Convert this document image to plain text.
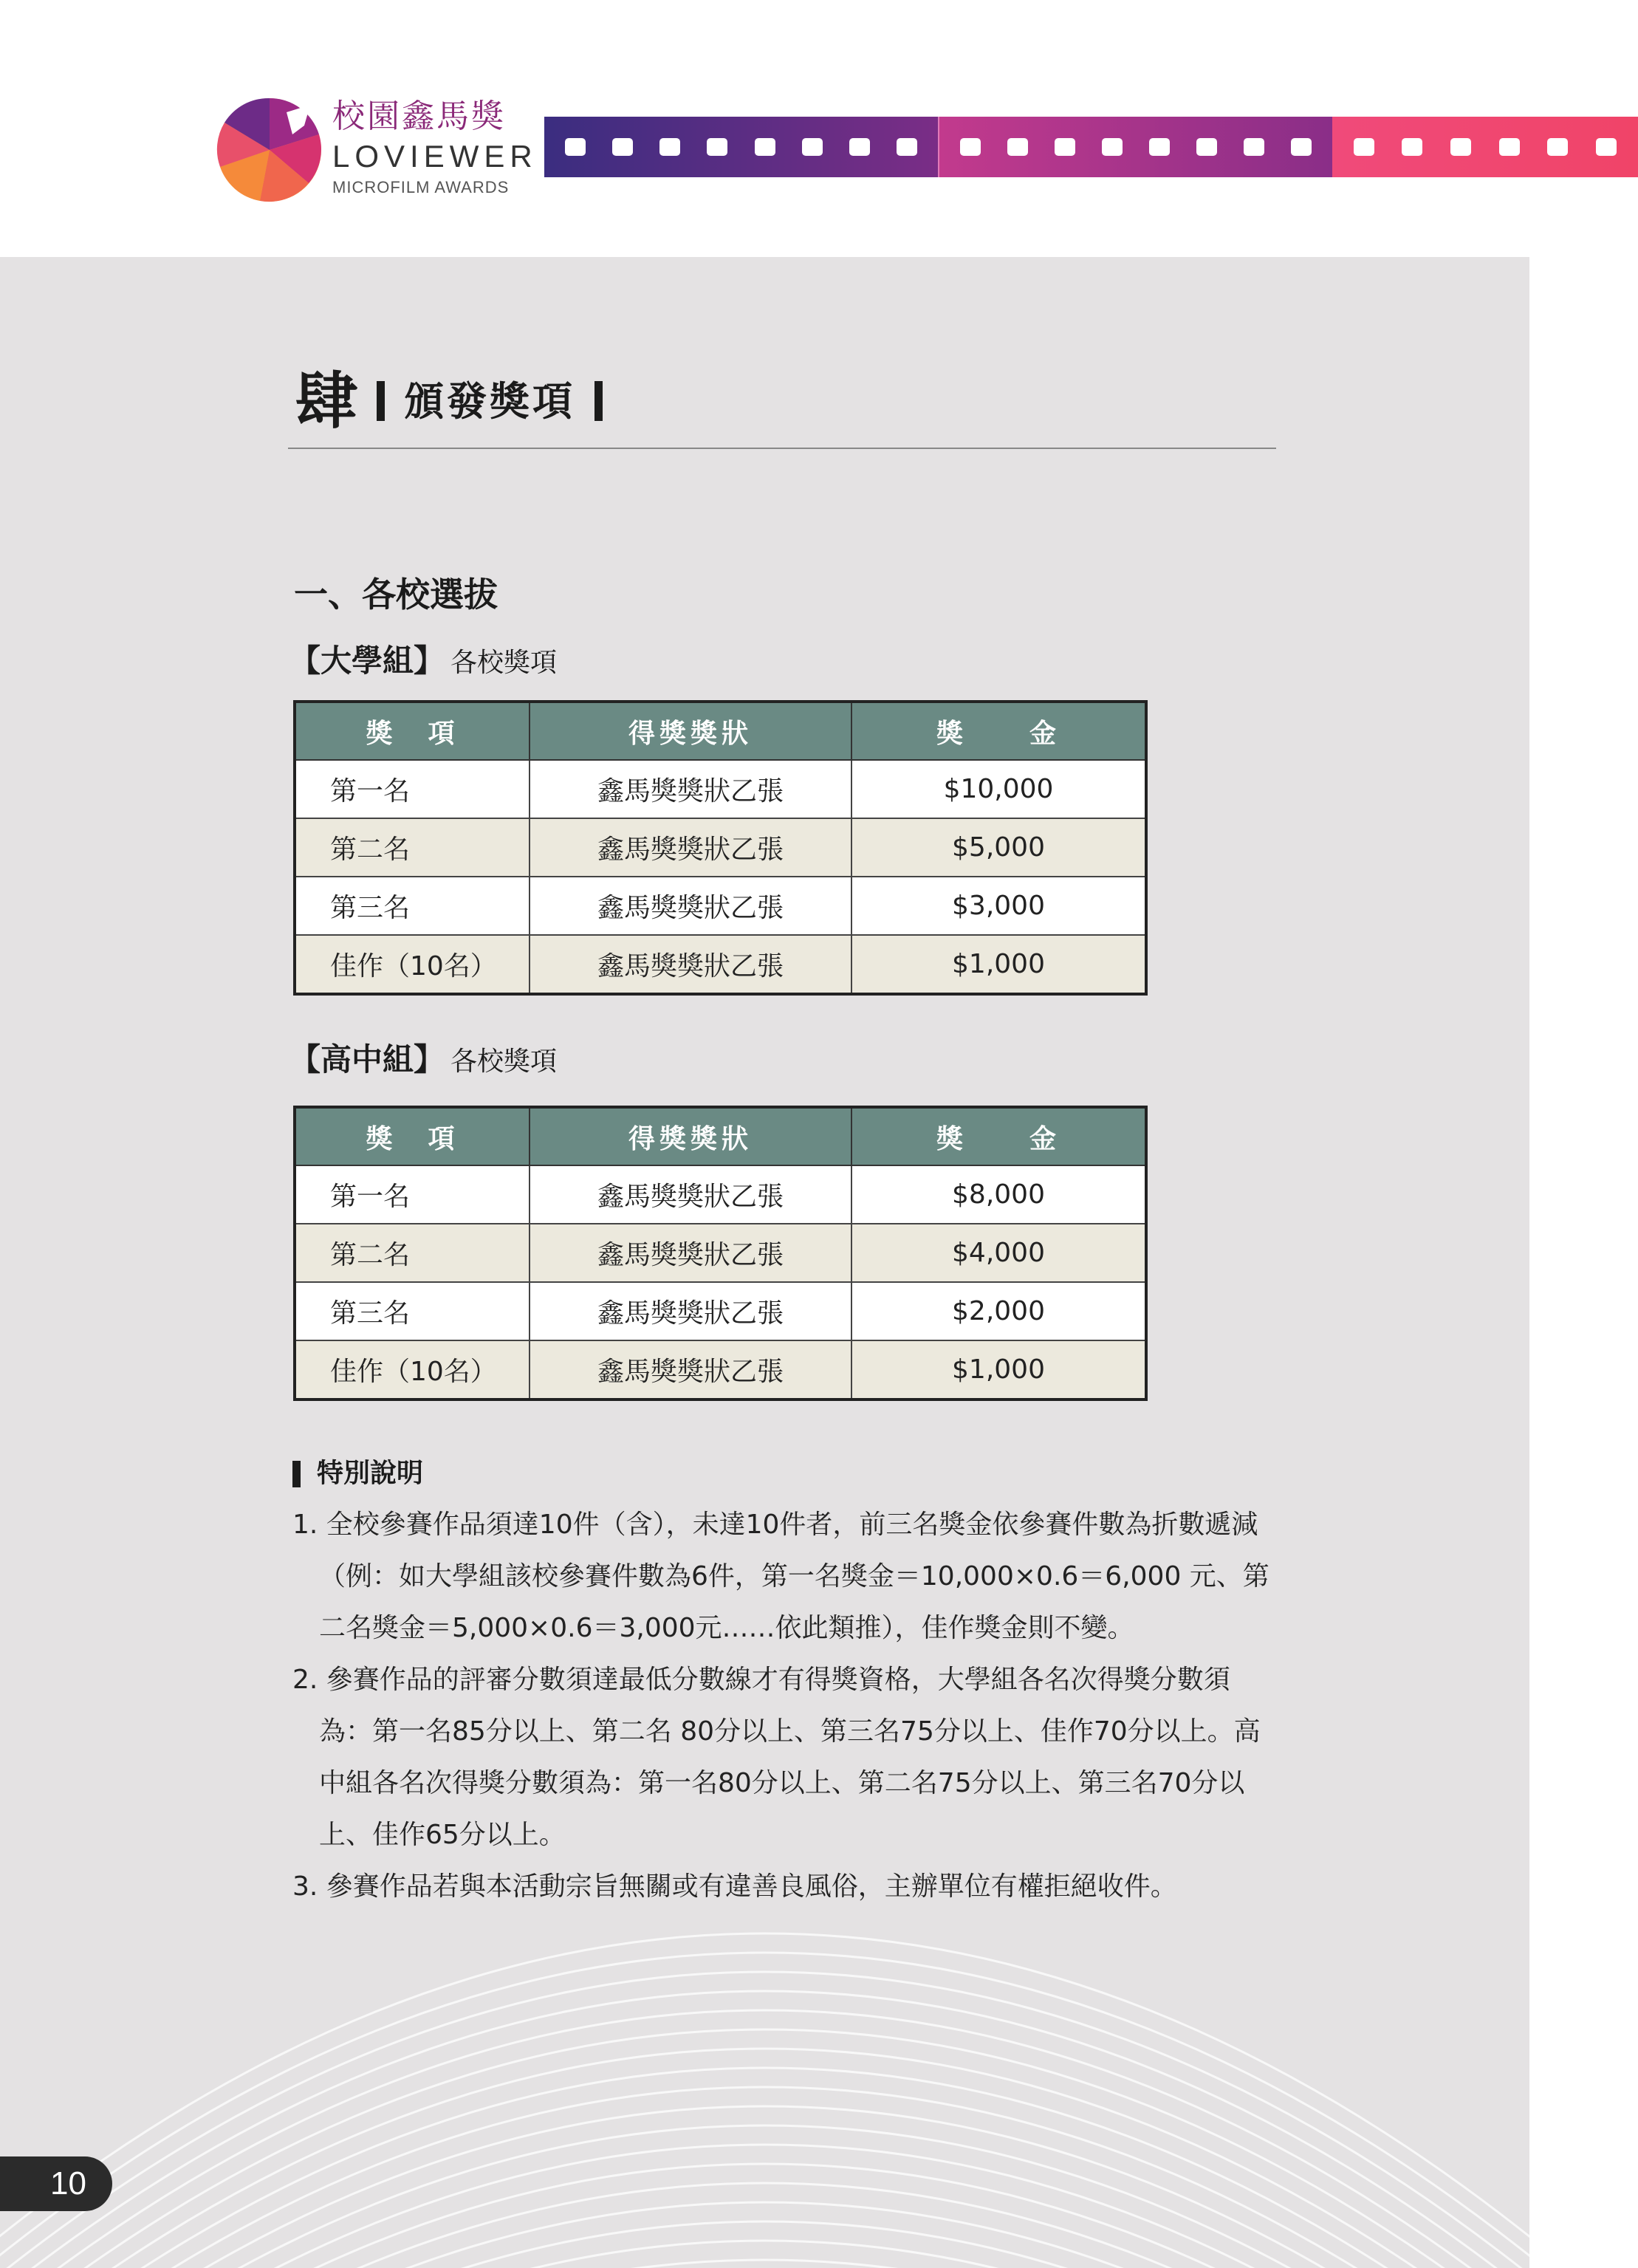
校園鑫馬獎
LOVIEWER
MICROFILM AWARDS
肆 頒發獎項
一、各校選拔
【大學組】 各校獎項
獎　項	得獎獎狀	獎　　金
第一名	鑫馬獎獎狀乙張	$10,000
第二名	鑫馬獎獎狀乙張	$5,000
第三名	鑫馬獎獎狀乙張	$3,000
佳作（10名）	鑫馬獎獎狀乙張	$1,000
【高中組】 各校獎項
獎　項	得獎獎狀	獎　　金
第一名	鑫馬獎獎狀乙張	$8,000
第二名	鑫馬獎獎狀乙張	$4,000
第三名	鑫馬獎獎狀乙張	$2,000
佳作（10名）	鑫馬獎獎狀乙張	$1,000
特別說明
1. 全校參賽作品須達10件（含），未達10件者，前三名獎金依參賽件數為折數遞減（例：如大學組該校參賽件數為6件，第一名獎金＝10,000×0.6＝6,000 元、第二名獎金＝5,000×0.6＝3,000元……依此類推），佳作獎金則不變。
2. 參賽作品的評審分數須達最低分數線才有得獎資格，大學組各名次得獎分數須為：第一名85分以上、第二名 80分以上、第三名75分以上、佳作70分以上。高中組各名次得獎分數須為：第一名80分以上、第二名75分以上、第三名70分以上、佳作65分以上。
3. 參賽作品若與本活動宗旨無關或有違善良風俗，主辦單位有權拒絕收件。
10
